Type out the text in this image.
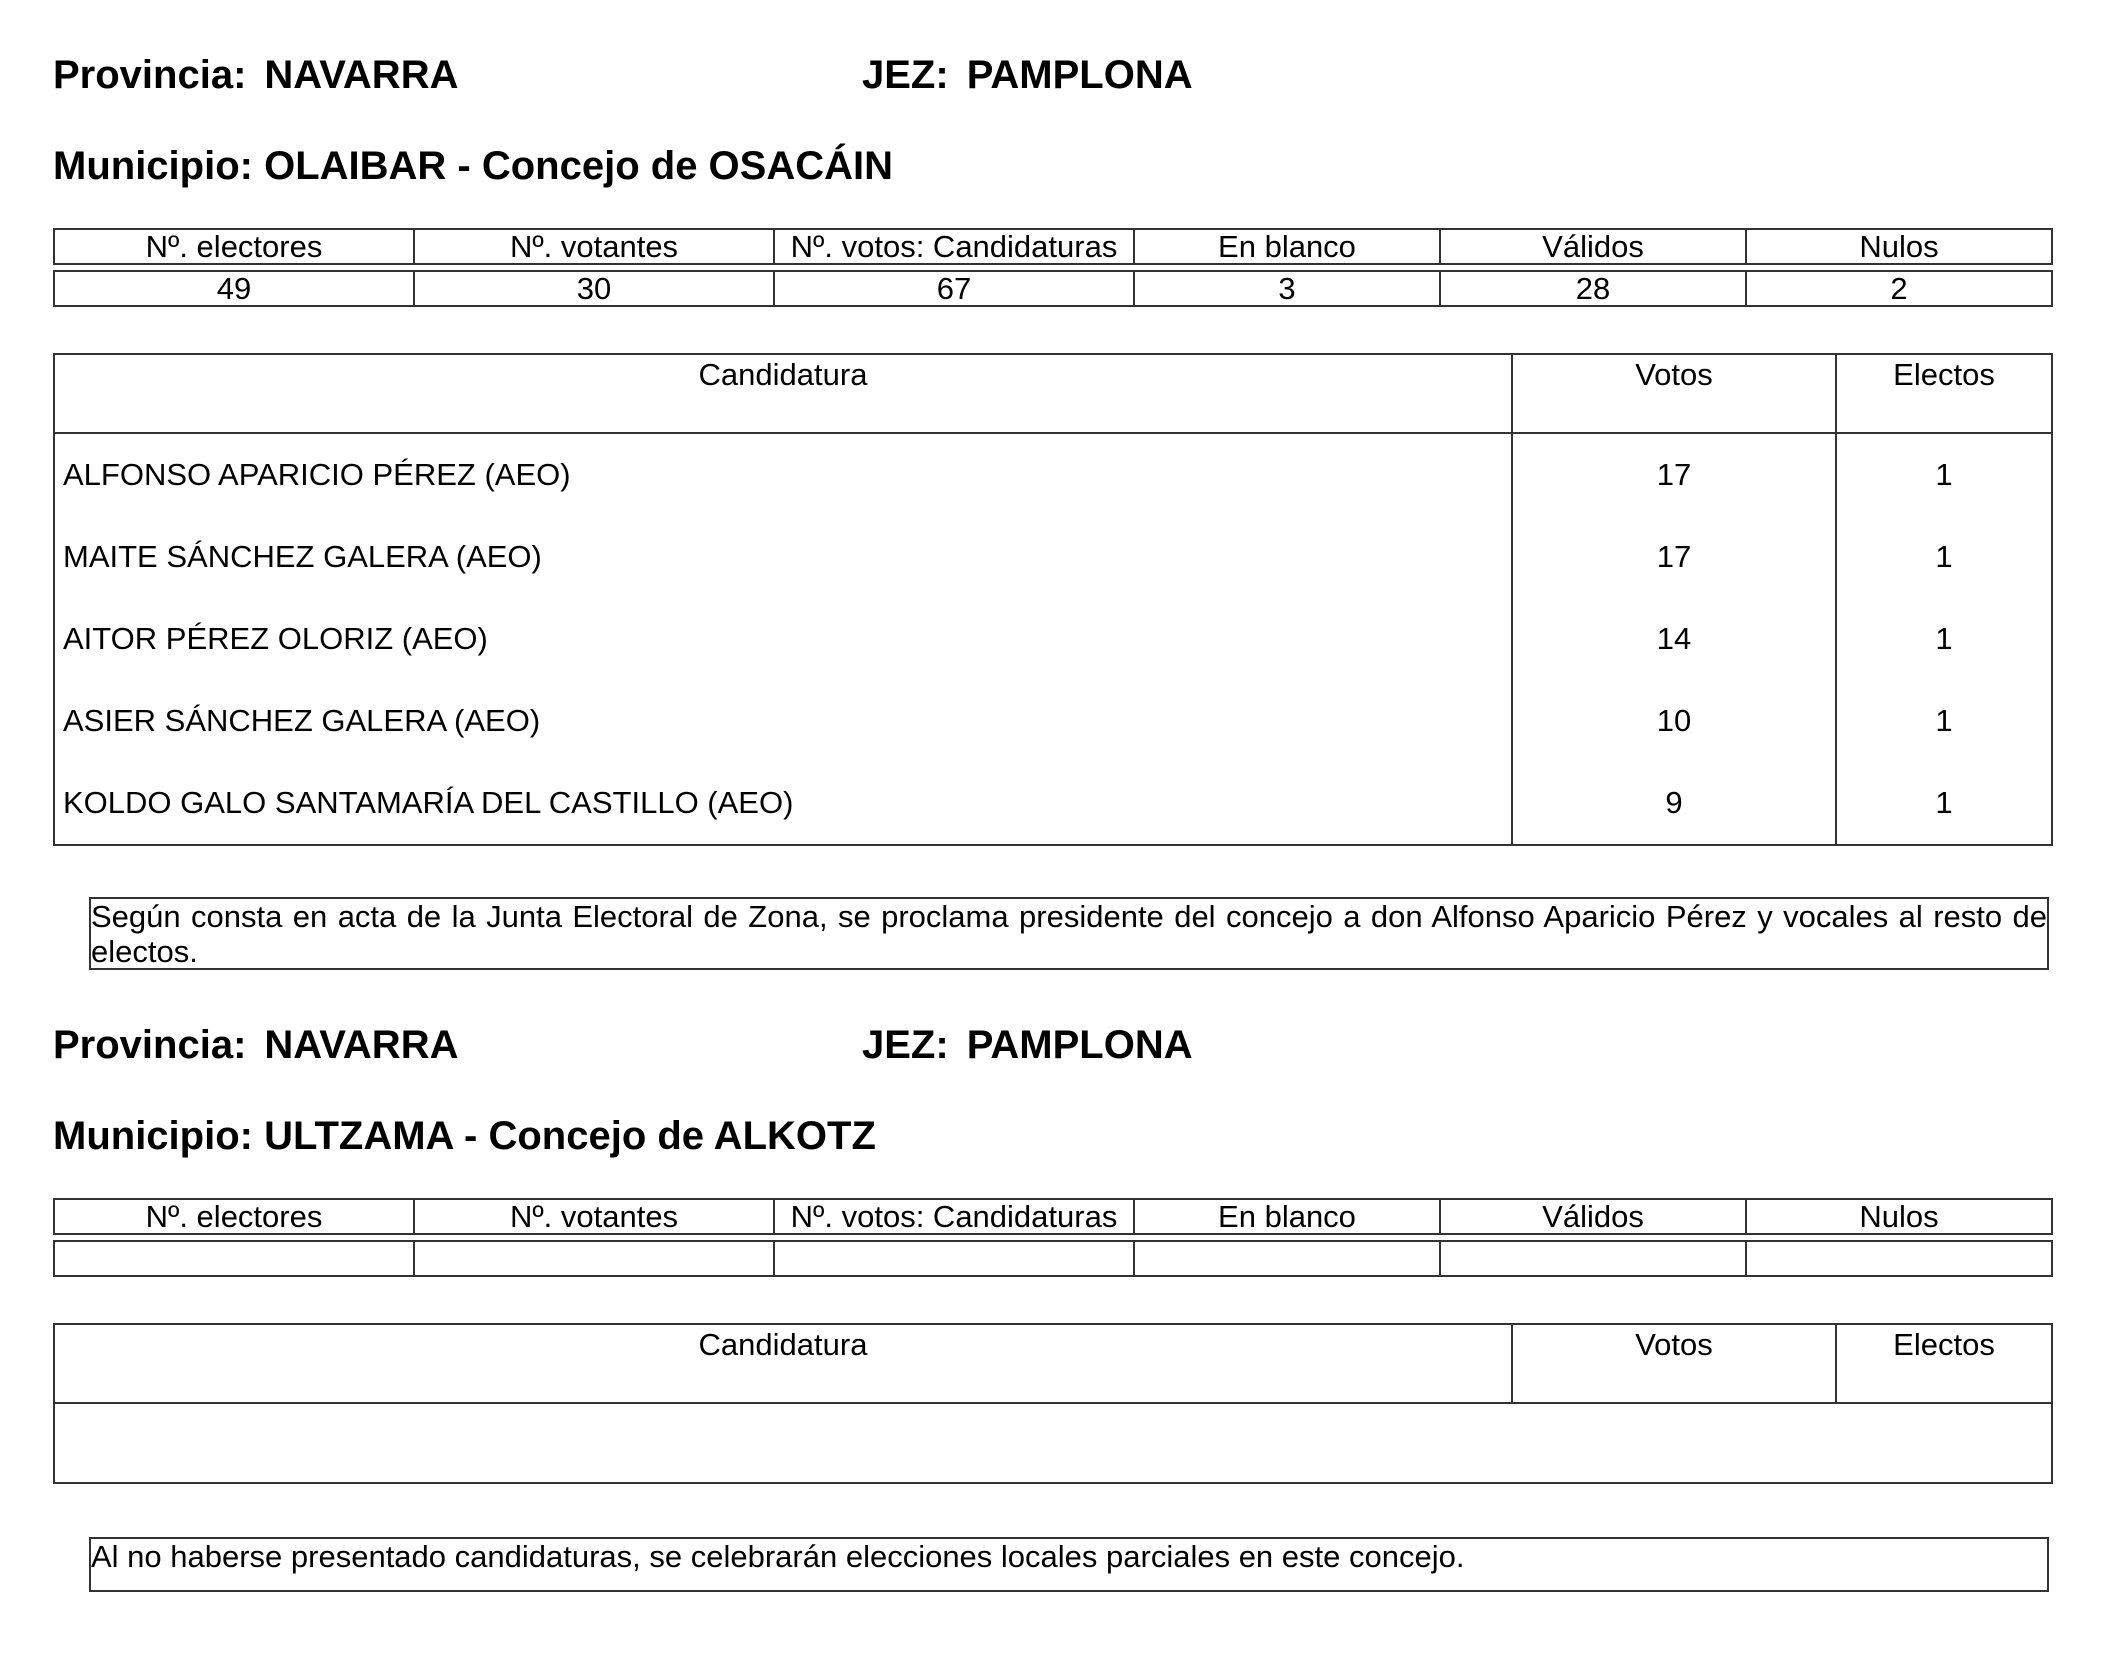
Provincia: NAVARRA	JEZ: PAMPLONA
Municipio: OLAIBAR - Concejo de OSACÁIN
Nº. electores	Nº. votantes	Nº. votos: Candidaturas	En blanco	Válidos	Nulos
49	30	67	3	28	2
Candidatura	Votos	Electos
ALFONSO APARICIO PÉREZ (AEO)	17	1
MAITE SÁNCHEZ GALERA (AEO)	17	1
AITOR PÉREZ OLORIZ (AEO)	14	1
ASIER SÁNCHEZ GALERA (AEO)	10	1
KOLDO GALO SANTAMARÍA DEL CASTILLO (AEO)	9	1
Según consta en acta de la Junta Electoral de Zona, se proclama presidente del concejo a don Alfonso Aparicio Pérez y vocales al resto de electos.
Provincia: NAVARRA	JEZ: PAMPLONA
Municipio: ULTZAMA - Concejo de ALKOTZ
Nº. electores	Nº. votantes	Nº. votos: Candidaturas	En blanco	Válidos	Nulos

Candidatura	Votos	Electos

Al no haberse presentado candidaturas, se celebrarán elecciones locales parciales en este concejo.
